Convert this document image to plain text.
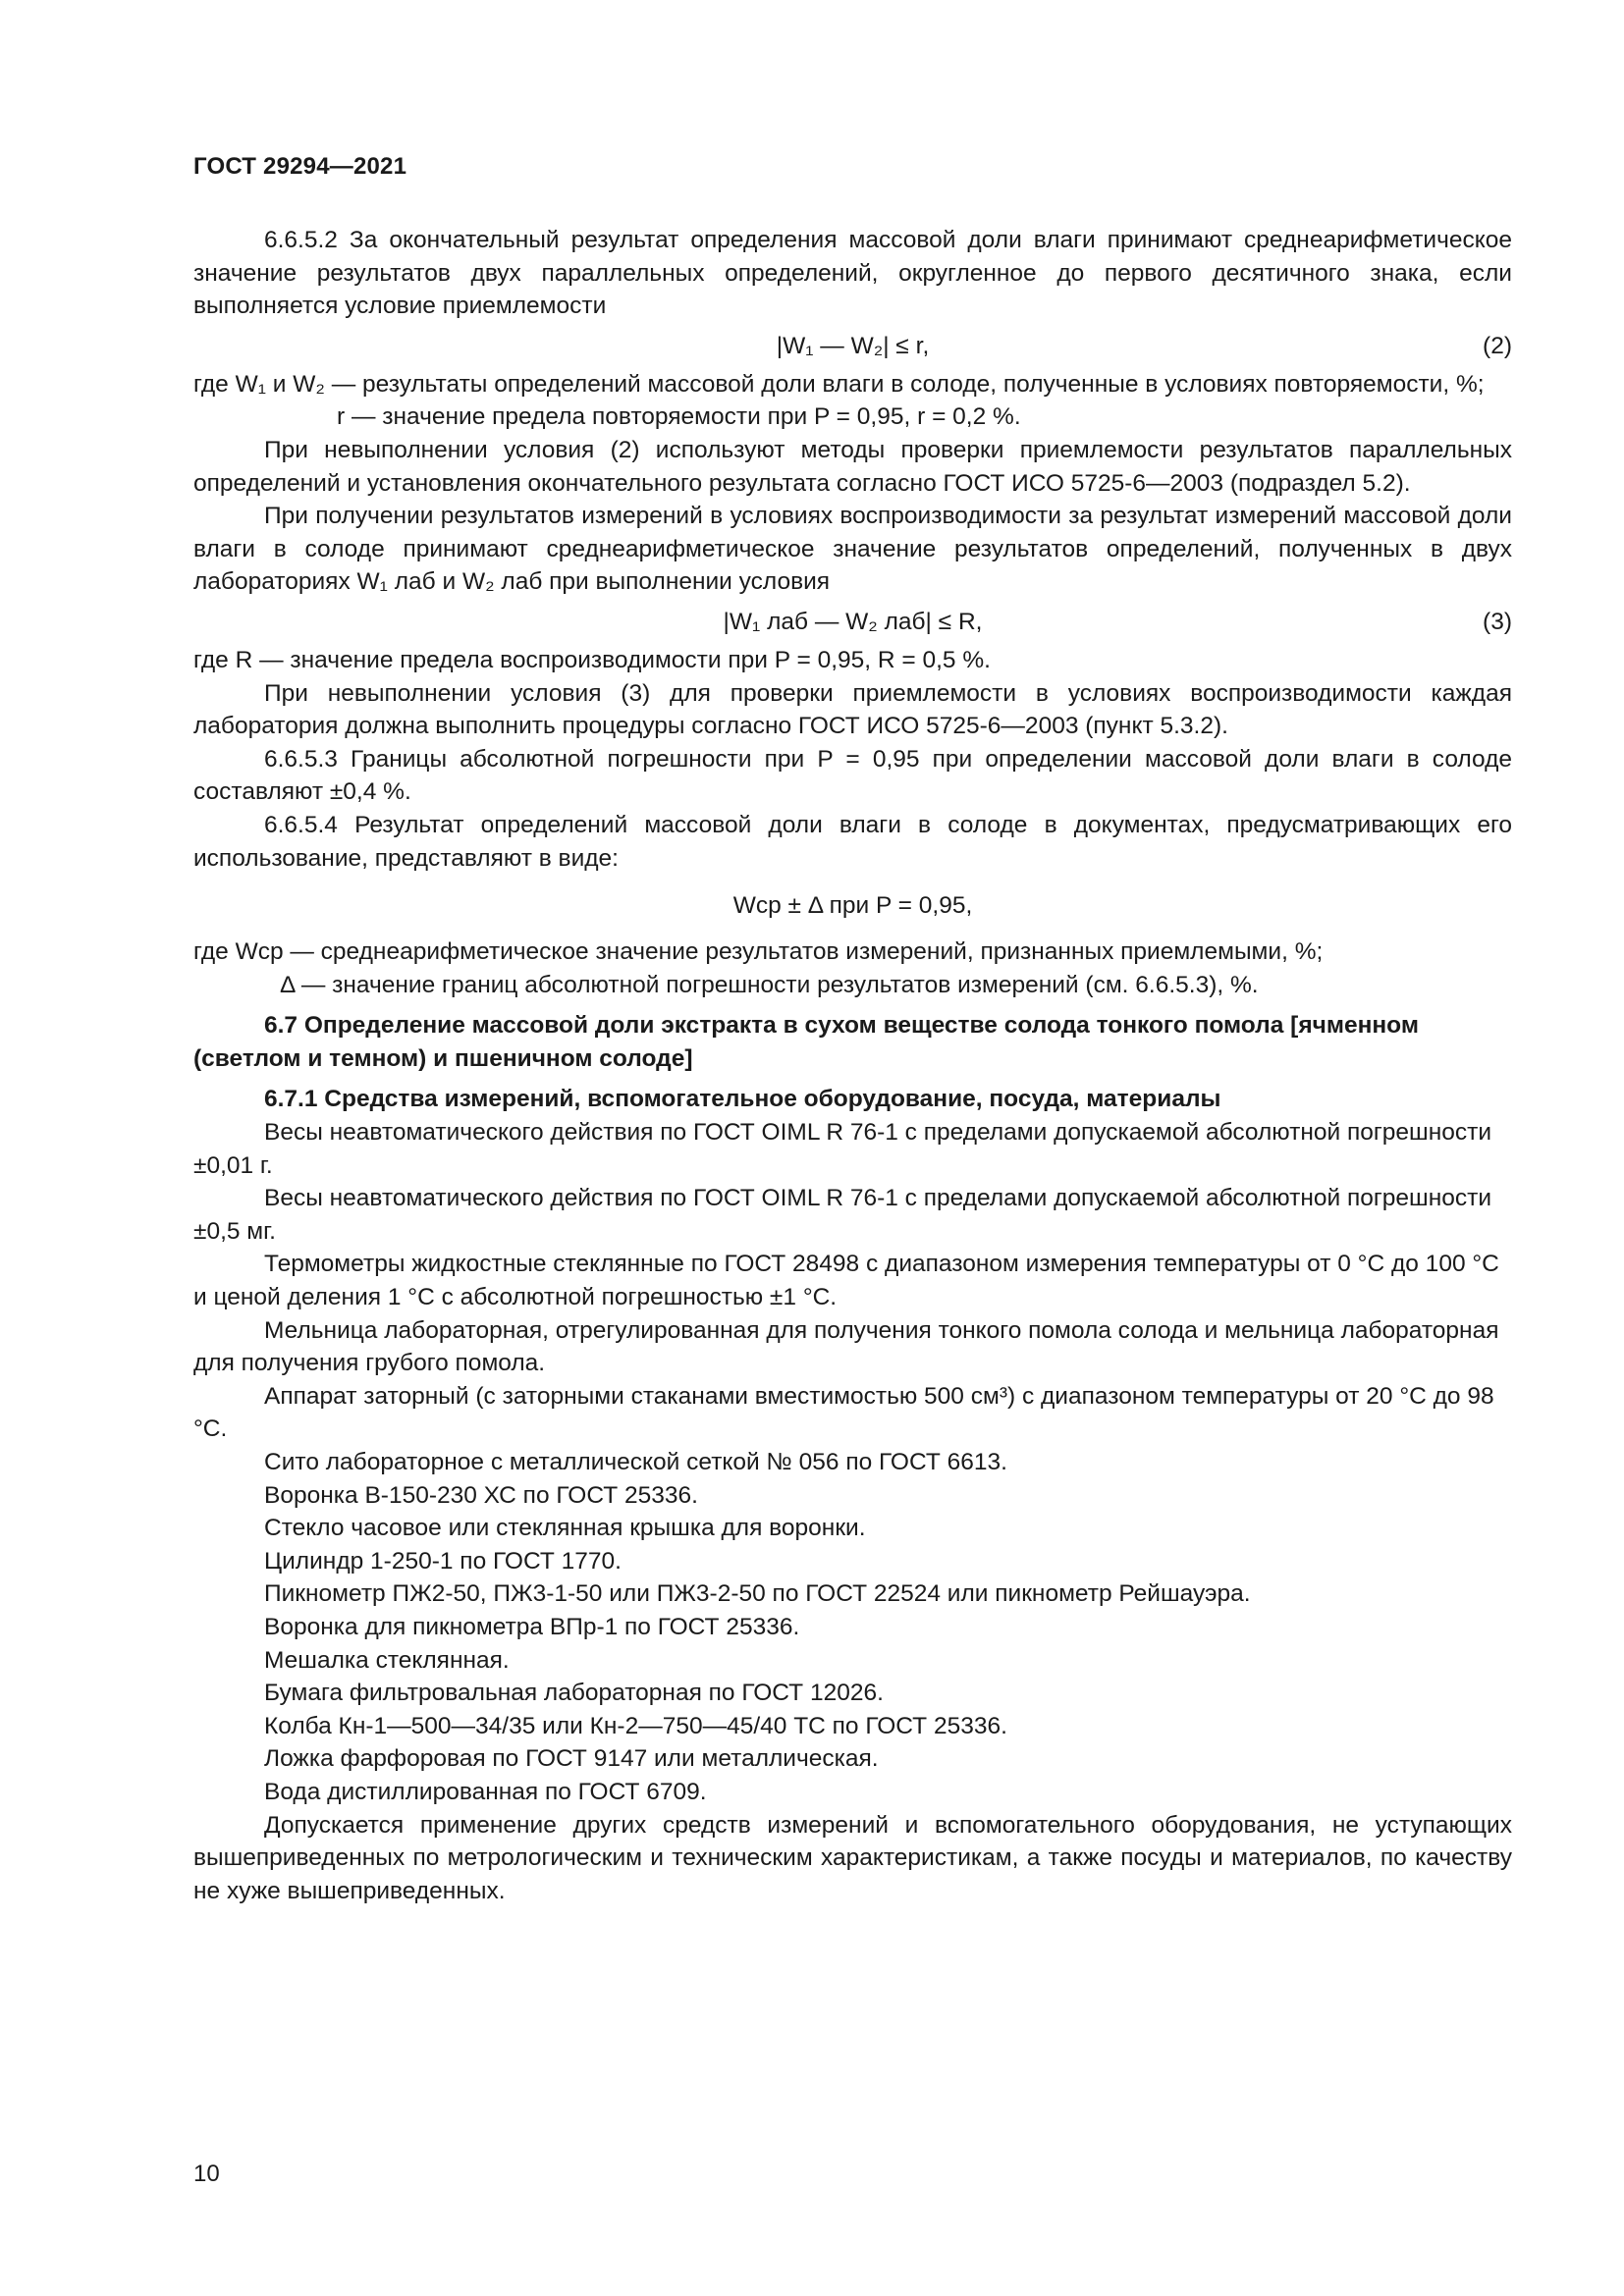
ГОСТ 29294—2021

6.6.5.2 За окончательный результат определения массовой доли влаги принимают среднеарифметическое значение результатов двух параллельных определений, округленное до первого десятичного знака, если выполняется условие приемлемости

|W₁ — W₂| ≤ r,	(2)

где W₁ и W₂ — результаты определений массовой доли влаги в солоде, полученные в условиях повторяемости, %;

r — значение предела повторяемости при P = 0,95, r = 0,2 %.

При невыполнении условия (2) используют методы проверки приемлемости результатов параллельных определений и установления окончательного результата согласно ГОСТ ИСО 5725-6—2003 (подраздел 5.2).

При получении результатов измерений в условиях воспроизводимости за результат измерений массовой доли влаги в солоде принимают среднеарифметическое значение результатов определений, полученных в двух лабораториях W₁ лаб и W₂ лаб при выполнении условия

|W₁ лаб — W₂ лаб| ≤ R,	(3)

где R — значение предела воспроизводимости при P = 0,95, R = 0,5 %.

При невыполнении условия (3) для проверки приемлемости в условиях воспроизводимости каждая лаборатория должна выполнить процедуры согласно ГОСТ ИСО 5725-6—2003 (пункт 5.3.2).

6.6.5.3 Границы абсолютной погрешности при P = 0,95 при определении массовой доли влаги в солоде составляют ±0,4 %.

6.6.5.4 Результат определений массовой доли влаги в солоде в документах, предусматривающих его использование, представляют в виде:

Wср ± Δ при P = 0,95,

где Wср — среднеарифметическое значение результатов измерений, признанных приемлемыми, %;

Δ — значение границ абсолютной погрешности результатов измерений (см. 6.6.5.3), %.

6.7 Определение массовой доли экстракта в сухом веществе солода тонкого помола [ячменном (светлом и темном) и пшеничном солоде]

6.7.1 Средства измерений, вспомогательное оборудование, посуда, материалы

Весы неавтоматического действия по ГОСТ OIML R 76-1 с пределами допускаемой абсолютной погрешности ±0,01 г.

Весы неавтоматического действия по ГОСТ OIML R 76-1 с пределами допускаемой абсолютной погрешности ±0,5 мг.

Термометры жидкостные стеклянные по ГОСТ 28498 с диапазоном измерения температуры от 0 °С до 100 °С и ценой деления 1 °С с абсолютной погрешностью ±1 °С.

Мельница лабораторная, отрегулированная для получения тонкого помола солода и мельница лабораторная для получения грубого помола.

Аппарат заторный (с заторными стаканами вместимостью 500 см³) с диапазоном температуры от 20 °С до 98 °С.

Сито лабораторное с металлической сеткой № 056 по ГОСТ 6613.

Воронка В-150-230 ХС по ГОСТ 25336.

Стекло часовое или стеклянная крышка для воронки.

Цилиндр 1-250-1 по ГОСТ 1770.

Пикнометр ПЖ2-50, ПЖ3-1-50 или ПЖ3-2-50 по ГОСТ 22524 или пикнометр Рейшауэра.

Воронка для пикнометра ВПр-1 по ГОСТ 25336.

Мешалка стеклянная.

Бумага фильтровальная лабораторная по ГОСТ 12026.

Колба Кн-1—500—34/35 или Кн-2—750—45/40 ТС по ГОСТ 25336.

Ложка фарфоровая по ГОСТ 9147 или металлическая.

Вода дистиллированная по ГОСТ 6709.

Допускается применение других средств измерений и вспомогательного оборудования, не уступающих вышеприведенных по метрологическим и техническим характеристикам, а также посуды и материалов, по качеству не хуже вышеприведенных.

10
